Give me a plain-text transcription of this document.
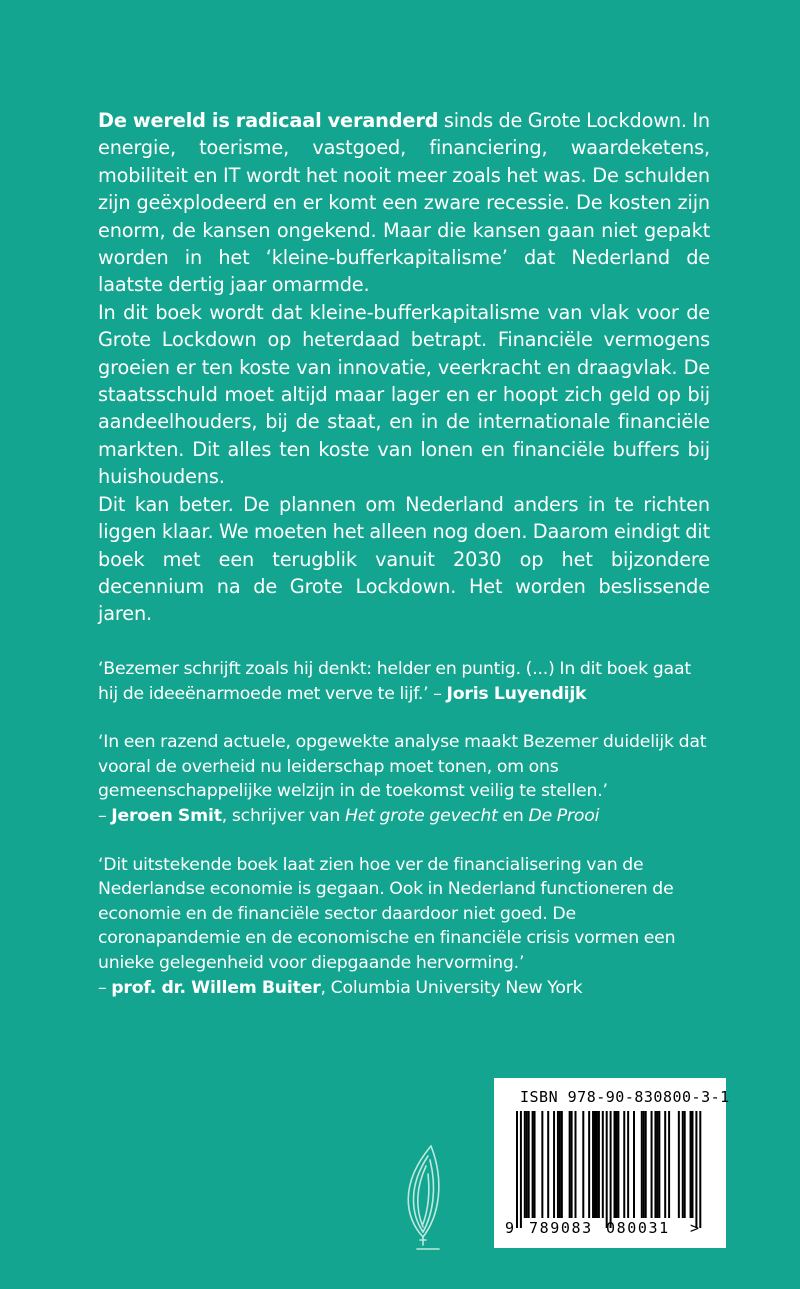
De wereld is radicaal veranderd sinds de Grote Lockdown. In energie, toerisme, vastgoed, financiering, waardeketens, mobiliteit en IT wordt het nooit meer zoals het was. De schulden zijn geëxplodeerd en er komt een zware recessie. De kosten zijn enorm, de kansen ongekend. Maar die kansen gaan niet gepakt worden in het ‘kleine-bufferkapitalisme’ dat Nederland de laatste dertig jaar omarmde.

In dit boek wordt dat kleine-bufferkapitalisme van vlak voor de Grote Lockdown op heterdaad betrapt. Financiële vermogens groeien er ten koste van innovatie, veerkracht en draagvlak. De staatsschuld moet altijd maar lager en er hoopt zich geld op bij aandeelhouders, bij de staat, en in de internationale financiële markten. Dit alles ten koste van lonen en financiële buffers bij huishoudens.

Dit kan beter. De plannen om Nederland anders in te richten liggen klaar. We moeten het alleen nog doen. Daarom eindigt dit boek met een terugblik vanuit 2030 op het bijzondere decennium na de Grote Lockdown. Het worden beslissende jaren.

‘Bezemer schrijft zoals hij denkt: helder en puntig. (...) In dit boek gaat hij de ideeënarmoede met verve te lijf.’ – Joris Luyendijk

‘In een razend actuele, opgewekte analyse maakt Bezemer duidelijk dat vooral de overheid nu leiderschap moet tonen, om ons gemeenschappelijke welzijn in de toekomst veilig te stellen.’
– Jeroen Smit, schrijver van Het grote gevecht en De Prooi

‘Dit uitstekende boek laat zien hoe ver de financialisering van de Nederlandse economie is gegaan. Ook in Nederland functioneren de economie en de financiële sector daardoor niet goed. De coronapandemie en de economische en financiële crisis vormen een unieke gelegenheid voor diepgaande hervorming.’
– prof. dr. Willem Buiter, Columbia University New York

ISBN 978-90-830800-3-1
9 789083 080031 >
